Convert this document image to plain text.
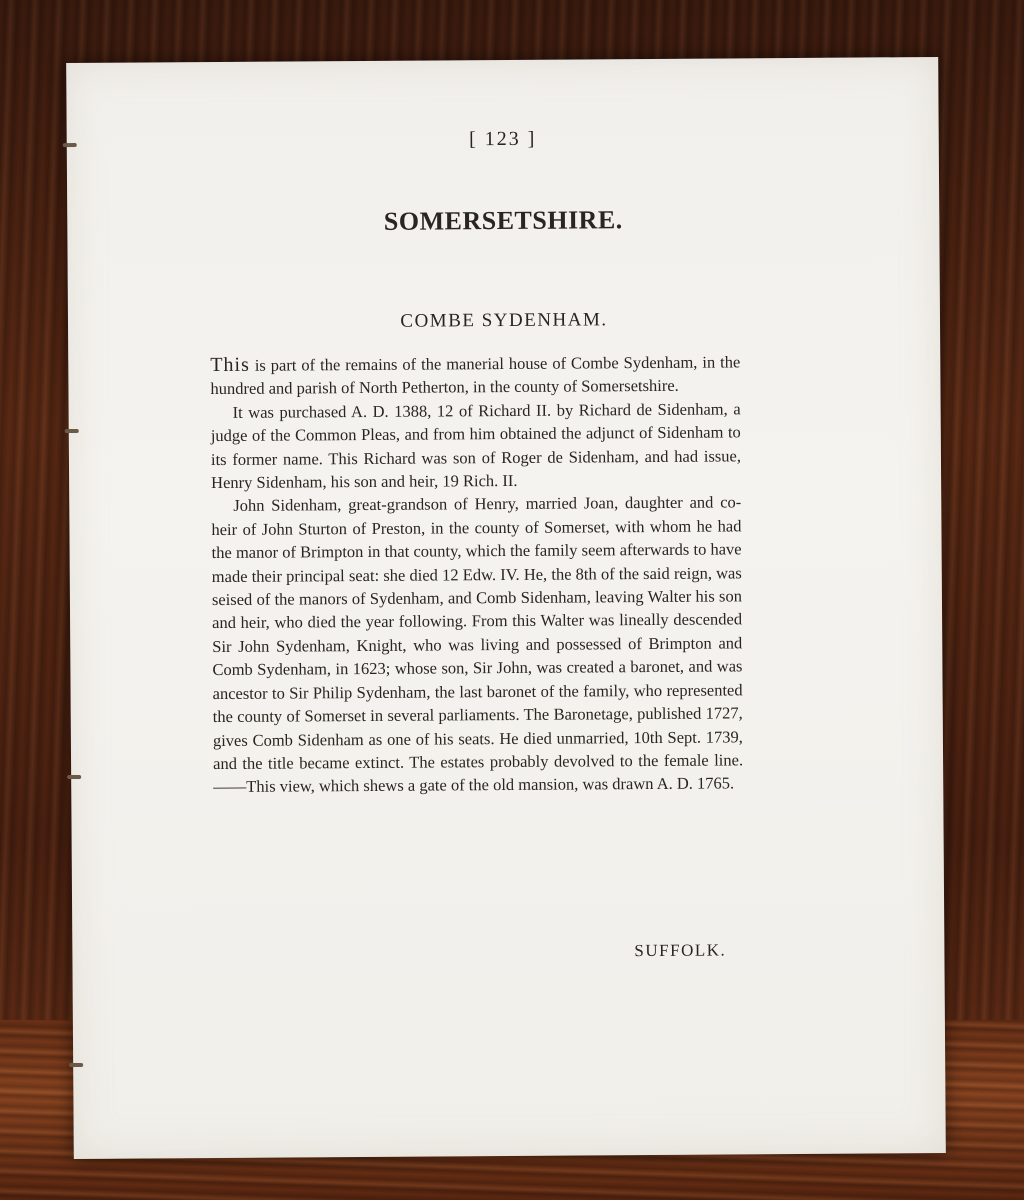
[ 123 ]
SOMERSETSHIRE.
COMBE SYDENHAM.

This is part of the remains of the manerial house of Combe Sydenham, in the hundred and parish of North Petherton, in the county of Somersetshire.

It was purchased A. D. 1388, 12 of Richard II. by Richard de Sidenham, a judge of the Common Pleas, and from him obtained the adjunct of Sidenham to its former name. This Richard was son of Roger de Sidenham, and had issue, Henry Sidenham, his son and heir, 19 Rich. II.

John Sidenham, great-grandson of Henry, married Joan, daughter and co-heir of John Sturton of Preston, in the county of Somerset, with whom he had the manor of Brimpton in that county, which the family seem afterwards to have made their principal seat: she died 12 Edw. IV. He, the 8th of the said reign, was seised of the manors of Sydenham, and Comb Sidenham, leaving Walter his son and heir, who died the year following. From this Walter was lineally descended Sir John Sydenham, Knight, who was living and possessed of Brimpton and Comb Sydenham, in 1623; whose son, Sir John, was created a baronet, and was ancestor to Sir Philip Sydenham, the last baronet of the family, who represented the county of Somerset in several parliaments. The Baronetage, published 1727, gives Comb Sidenham as one of his seats. He died unmarried, 10th Sept. 1739, and the title became extinct. The estates probably devolved to the female line.——This view, which shews a gate of the old mansion, was drawn A. D. 1765.

SUFFOLK.
